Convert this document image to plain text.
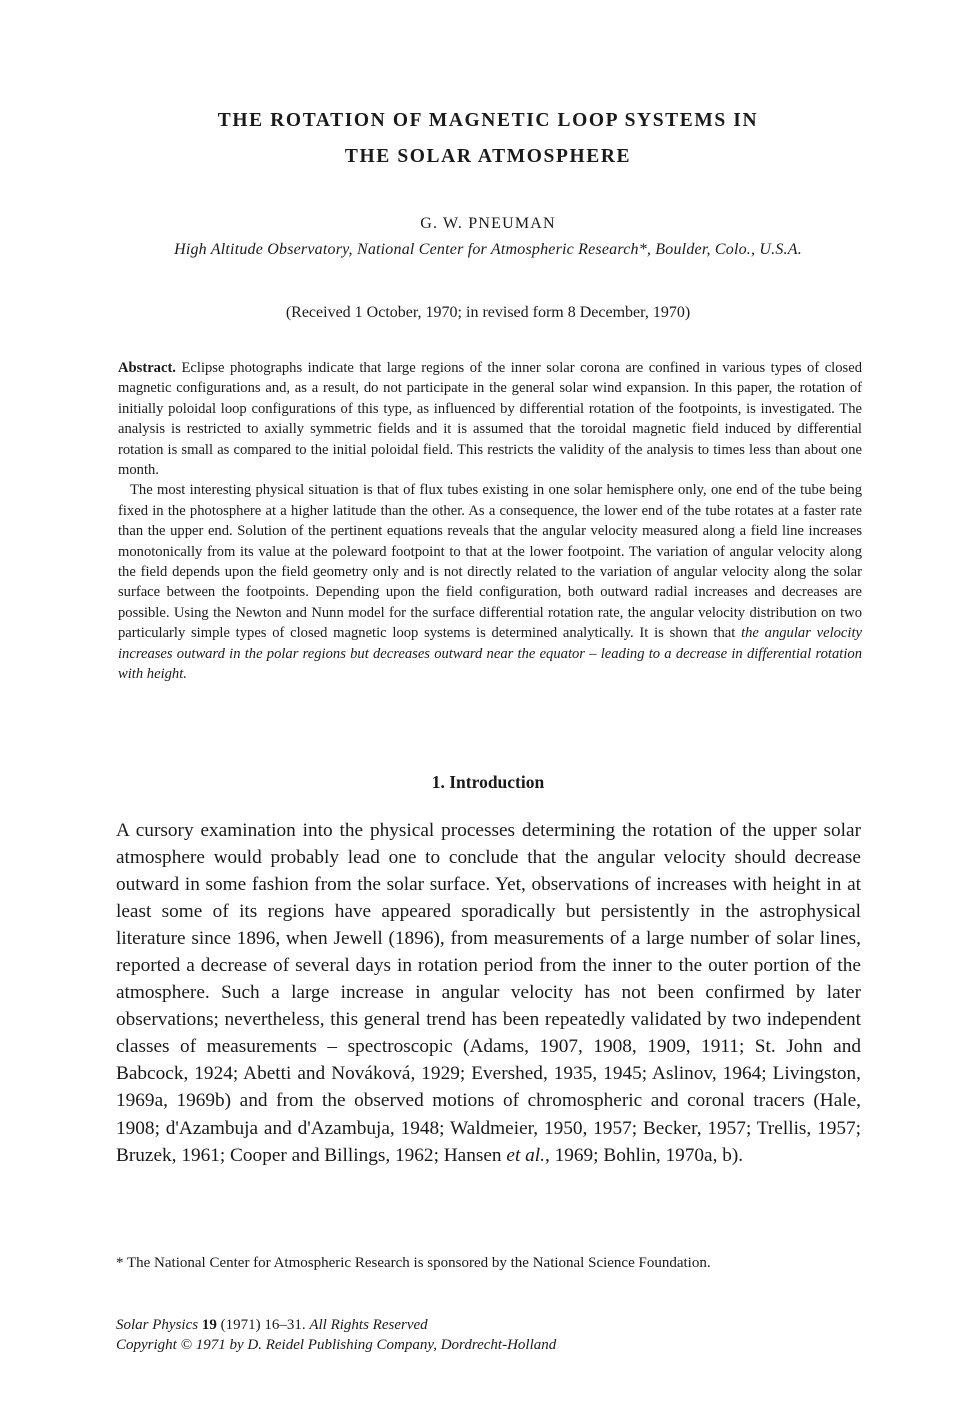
THE ROTATION OF MAGNETIC LOOP SYSTEMS IN
THE SOLAR ATMOSPHERE

G. W. PNEUMAN

High Altitude Observatory, National Center for Atmospheric Research*, Boulder, Colo., U.S.A.

(Received 1 October, 1970; in revised form 8 December, 1970)

Abstract. Eclipse photographs indicate that large regions of the inner solar corona are confined in various types of closed magnetic configurations and, as a result, do not participate in the general solar wind expansion. In this paper, the rotation of initially poloidal loop configurations of this type, as influenced by differential rotation of the footpoints, is investigated. The analysis is restricted to axially symmetric fields and it is assumed that the toroidal magnetic field induced by differential rotation is small as compared to the initial poloidal field. This restricts the validity of the analysis to times less than about one month.

The most interesting physical situation is that of flux tubes existing in one solar hemisphere only, one end of the tube being fixed in the photosphere at a higher latitude than the other. As a consequence, the lower end of the tube rotates at a faster rate than the upper end. Solution of the pertinent equations reveals that the angular velocity measured along a field line increases monotonically from its value at the poleward footpoint to that at the lower footpoint. The variation of angular velocity along the field depends upon the field geometry only and is not directly related to the variation of angular velocity along the solar surface between the footpoints. Depending upon the field configuration, both outward radial increases and decreases are possible. Using the Newton and Nunn model for the surface differential rotation rate, the angular velocity distribution on two particularly simple types of closed magnetic loop systems is determined analytically. It is shown that the angular velocity increases outward in the polar regions but decreases outward near the equator – leading to a decrease in differential rotation with height.

1. Introduction

A cursory examination into the physical processes determining the rotation of the upper solar atmosphere would probably lead one to conclude that the angular velocity should decrease outward in some fashion from the solar surface. Yet, observations of increases with height in at least some of its regions have appeared sporadically but persistently in the astrophysical literature since 1896, when Jewell (1896), from measurements of a large number of solar lines, reported a decrease of several days in rotation period from the inner to the outer portion of the atmosphere. Such a large increase in angular velocity has not been confirmed by later observations; nevertheless, this general trend has been repeatedly validated by two independent classes of measurements – spectroscopic (Adams, 1907, 1908, 1909, 1911; St. John and Babcock, 1924; Abetti and Nováková, 1929; Evershed, 1935, 1945; Aslinov, 1964; Livingston, 1969a, 1969b) and from the observed motions of chromospheric and coronal tracers (Hale, 1908; d'Azambuja and d'Azambuja, 1948; Waldmeier, 1950, 1957; Becker, 1957; Trellis, 1957; Bruzek, 1961; Cooper and Billings, 1962; Hansen et al., 1969; Bohlin, 1970a, b).

* The National Center for Atmospheric Research is sponsored by the National Science Foundation.

Solar Physics 19 (1971) 16–31. All Rights Reserved
Copyright © 1971 by D. Reidel Publishing Company, Dordrecht-Holland
